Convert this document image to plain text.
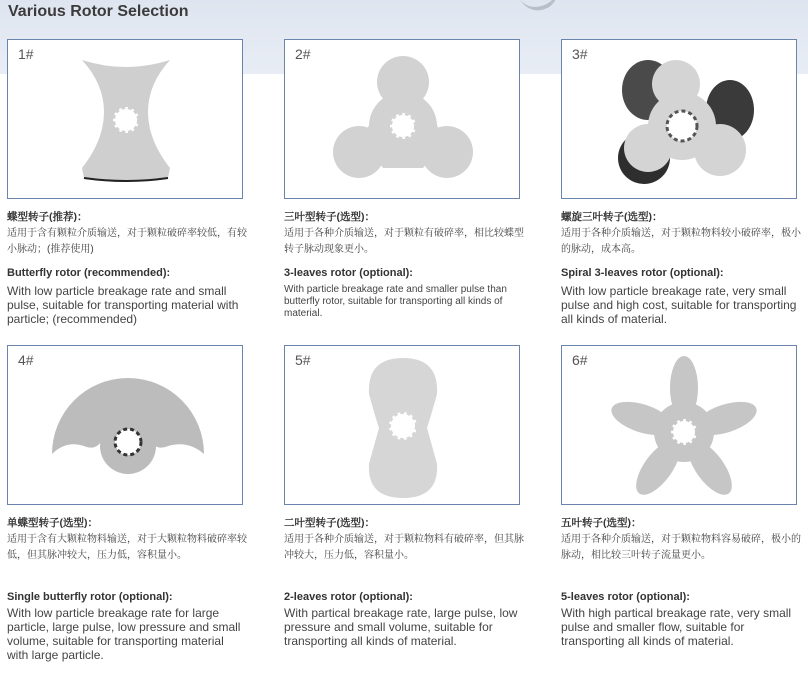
Various Rotor Selection
1#
蝶型转子(推荐)：
适用于含有颗粒介质输送，对于颗粒破碎率较低，有较小脉动；(推荐使用)
Butterfly rotor (recommended):
With low particle breakage rate and small pulse, suitable for transporting material with particle; (recommended)
2#
三叶型转子(选型)：
适用于各种介质输送，对于颗粒有破碎率，相比较蝶型转子脉动现象更小。
3-leaves rotor (optional):
With particle breakage rate and smaller pulse than butterfly rotor, suitable for transporting all kinds of material.
3#
螺旋三叶转子(选型)：
适用于各种介质输送，对于颗粒物料较小破碎率，极小的脉动，成本高。
Spiral 3-leaves rotor (optional):
With low particle breakage rate, very small pulse and high cost, suitable for transporting all kinds of material.
4#
单蝶型转子(选型)：
适用于含有大颗粒物料输送，对于大颗粒物料破碎率较低，但其脉冲较大，压力低，容积量小。
Single butterfly rotor (optional):
With low particle breakage rate for large particle, large pulse, low pressure and small volume, suitable for transporting material with large particle.
5#
二叶型转子(选型)：
适用于各种介质输送，对于颗粒物料有破碎率，但其脉冲较大，压力低，容积量小。
2-leaves rotor (optional):
With partical breakage rate, large pulse, low pressure and small volume, suitable for transporting all kinds of material.
6#
五叶转子(选型)：
适用于各种介质输送，对于颗粒物料容易破碎，极小的脉动，相比较三叶转子流量更小。
5-leaves rotor (optional):
With high partical breakage rate, very small pulse and smaller flow, suitable for transporting all kinds of material.
